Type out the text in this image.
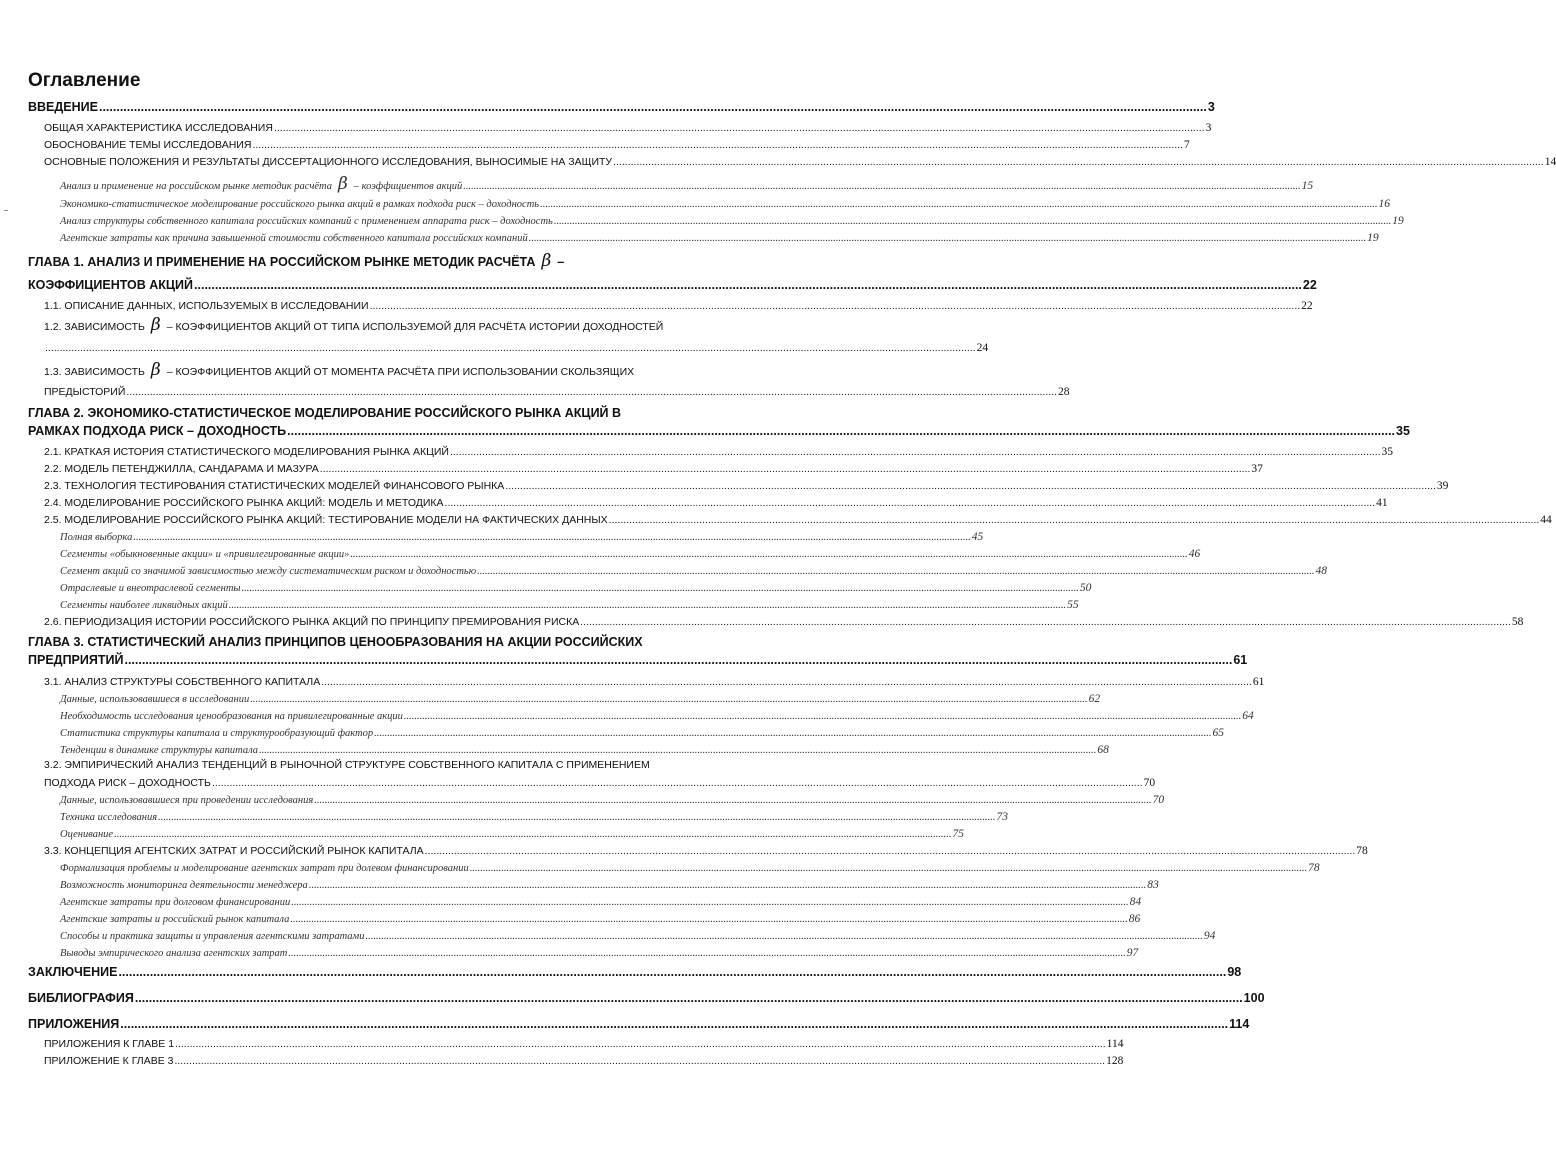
Оглавление
ВВЕДЕНИЕ .....	3
ОБЩАЯ ХАРАКТЕРИСТИКА ИССЛЕДОВАНИЯ .....	3
ОБОСНОВАНИЕ ТЕМЫ ИССЛЕДОВАНИЯ .....	7
ОСНОВНЫЕ ПОЛОЖЕНИЯ И РЕЗУЛЬТАТЫ ДИССЕРТАЦИОННОГО ИССЛЕДОВАНИЯ, ВЫНОСИМЫЕ НА ЗАЩИТУ .....	14
Анализ и применение на российском рынке методик расчёта β – коэффициентов акций .....	15
Экономико-статистическое моделирование российского рынка акций в рамках подхода риск – доходность .....	16
Анализ структуры собственного капитала российских компаний с применением аппарата риск – доходность .....	19
Агентские затраты как причина завышенной стоимости собственного капитала российских компаний .....	19
ГЛАВА 1. АНАЛИЗ И ПРИМЕНЕНИЕ НА РОССИЙСКОМ РЫНКЕ МЕТОДИК РАСЧЁТА β –
КОЭФФИЦИЕНТОВ АКЦИЙ .....	22
1.1. ОПИСАНИЕ ДАННЫХ, ИСПОЛЬЗУЕМЫХ В ИССЛЕДОВАНИИ .....	22
1.2. ЗАВИСИМОСТЬ β – КОЭФФИЦИЕНТОВ АКЦИЙ ОТ ТИПА ИСПОЛЬЗУЕМОЙ ДЛЯ РАСЧЁТА ИСТОРИИ ДОХОДНОСТЕЙ
.....
24
1.3. ЗАВИСИМОСТЬ β – КОЭФФИЦИЕНТОВ АКЦИЙ ОТ МОМЕНТА РАСЧЁТА ПРИ ИСПОЛЬЗОВАНИИ СКОЛЬЗЯЩИХ
ПРЕДЫСТОРИЙ .....	28
ГЛАВА 2. ЭКОНОМИКО-СТАТИСТИЧЕСКОЕ МОДЕЛИРОВАНИЕ РОССИЙСКОГО РЫНКА АКЦИЙ В
РАМКАХ ПОДХОДА РИСК – ДОХОДНОСТЬ .....	35
2.1. КРАТКАЯ ИСТОРИЯ СТАТИСТИЧЕСКОГО МОДЕЛИРОВАНИЯ РЫНКА АКЦИЙ .....	35
2.2. МОДЕЛЬ ПЕТЕНДЖИЛЛА, САНДАРАМА И МАЗУРА .....	37
2.3. ТЕХНОЛОГИЯ ТЕСТИРОВАНИЯ СТАТИСТИЧЕСКИХ МОДЕЛЕЙ ФИНАНСОВОГО РЫНКА .....	39
2.4. МОДЕЛИРОВАНИЕ РОССИЙСКОГО РЫНКА АКЦИЙ: МОДЕЛЬ И МЕТОДИКА .....	41
2.5. МОДЕЛИРОВАНИЕ РОССИЙСКОГО РЫНКА АКЦИЙ: ТЕСТИРОВАНИЕ МОДЕЛИ НА ФАКТИЧЕСКИХ ДАННЫХ .....	44
Полная выборка .....	45
Сегменты «обыкновенные акции» и «привилегированные акции» .....	46
Сегмент акций со значимой зависимостью между систематическим риском и доходностью .....	48
Отраслевые и внеотраслевой сегменты .....	50
Сегменты наиболее ликвидных акций .....	55
2.6. ПЕРИОДИЗАЦИЯ ИСТОРИИ РОССИЙСКОГО РЫНКА АКЦИЙ ПО ПРИНЦИПУ ПРЕМИРОВАНИЯ РИСКА .....	58
ГЛАВА 3. СТАТИСТИЧЕСКИЙ АНАЛИЗ ПРИНЦИПОВ ЦЕНООБРАЗОВАНИЯ НА АКЦИИ РОССИЙСКИХ
ПРЕДПРИЯТИЙ .....	61
3.1. АНАЛИЗ СТРУКТУРЫ СОБСТВЕННОГО КАПИТАЛА .....	61
Данные, использовавшиеся в исследовании .....	62
Необходимость исследования ценообразования на привилегированные акции .....	64
Статистика структуры капитала и структурообразующий фактор .....	65
Тенденции в динамике структуры капитала .....	68
3.2. ЭМПИРИЧЕСКИЙ АНАЛИЗ ТЕНДЕНЦИЙ В РЫНОЧНОЙ СТРУКТУРЕ СОБСТВЕННОГО КАПИТАЛА С ПРИМЕНЕНИЕМ
ПОДХОДА РИСК – ДОХОДНОСТЬ .....	70
Данные, использовавшиеся при проведении исследования .....	70
Техника исследования .....	73
Оценивание .....	75
3.3. КОНЦЕПЦИЯ АГЕНТСКИХ ЗАТРАТ И РОССИЙСКИЙ РЫНОК КАПИТАЛА .....	78
Формализация проблемы и моделирование агентских затрат при долевом финансировании .....	78
Возможность мониторинга деятельности менеджера .....	83
Агентские затраты при долговом финансировании .....	84
Агентские затраты и российский рынок капитала .....	86
Способы и практика защиты и управления агентскими затратами .....	94
Выводы эмпирического анализа агентских затрат .....	97
ЗАКЛЮЧЕНИЕ .....	98
БИБЛИОГРАФИЯ .....	100
ПРИЛОЖЕНИЯ .....	114
ПРИЛОЖЕНИЯ К ГЛАВЕ 1 .....	114
ПРИЛОЖЕНИЕ К ГЛАВЕ 3 .....	128
